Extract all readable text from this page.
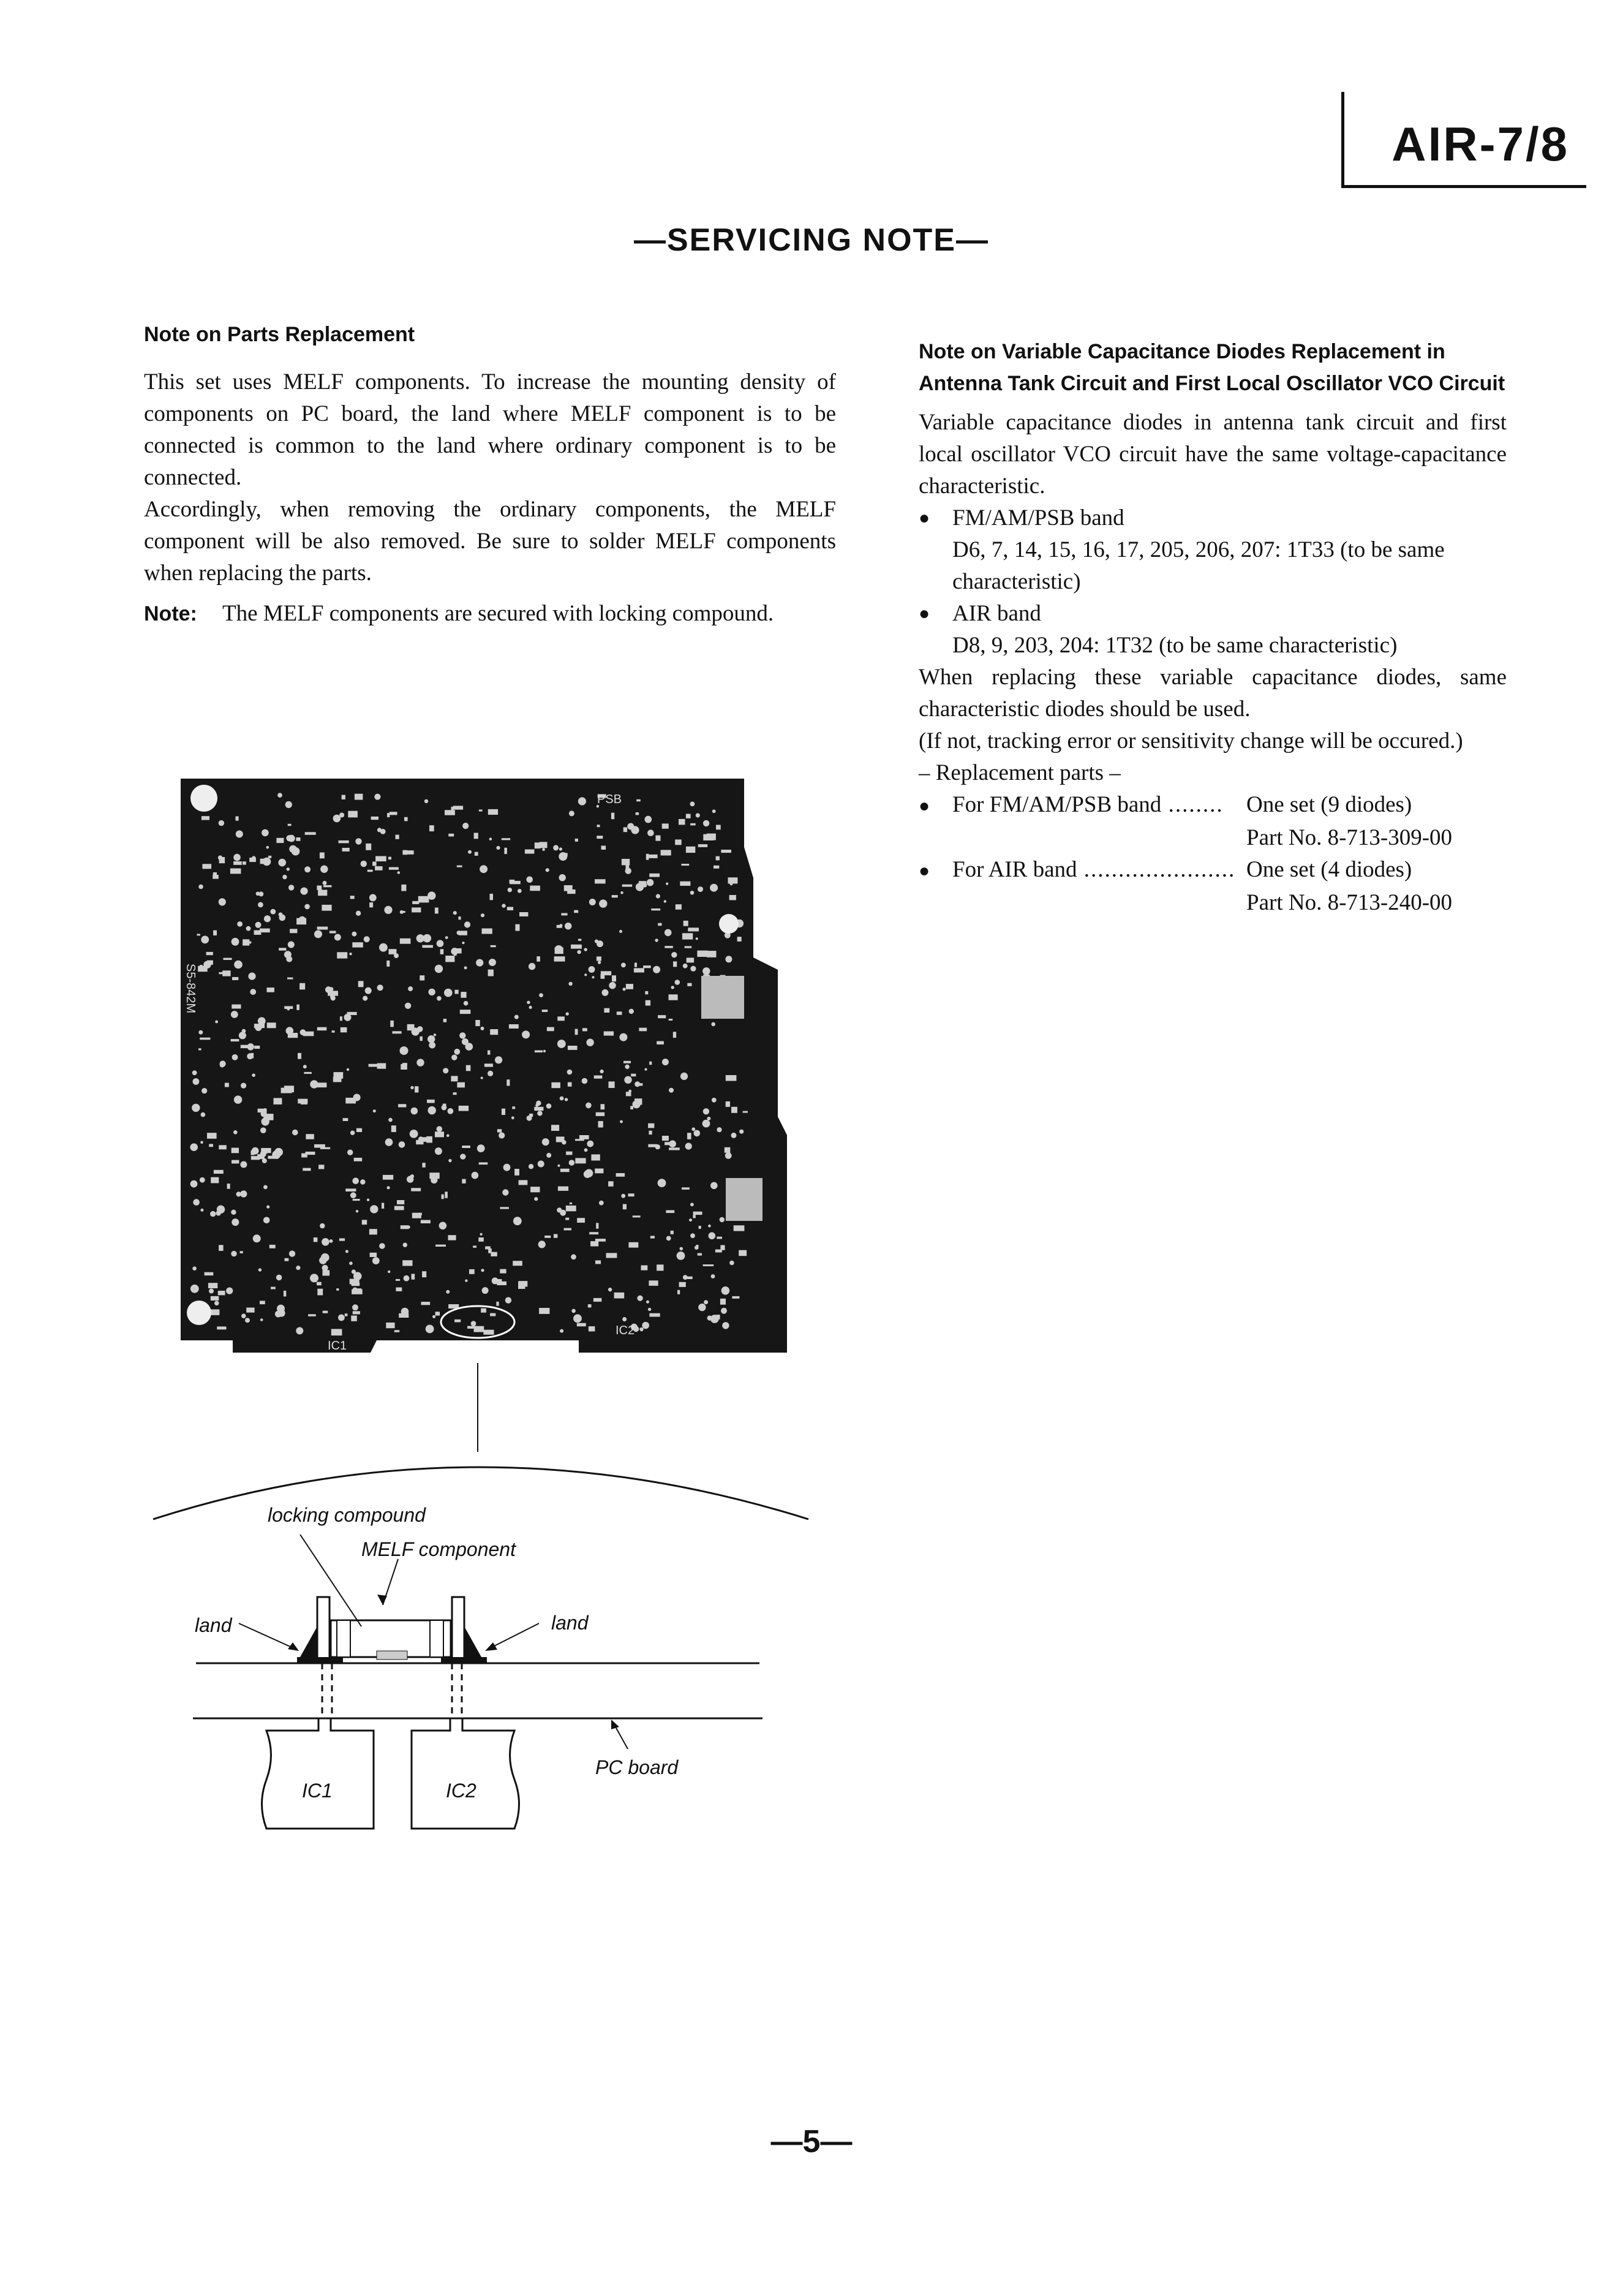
AIR-7/8
—SERVICING NOTE—
Note on Parts Replacement

This set uses MELF components. To increase the mounting density of components on PC board, the land where MELF component is to be connected is common to the land where ordinary component is to be connected.

Accordingly, when removing the ordinary components, the MELF component will be also removed. Be sure to solder MELF components when replacing the parts.

Note:	The MELF components are secured with locking compound.
PSB
IC1
IC2
S5-842M
locking compound
MELF component
land	land
IC1	IC2
PC board
Note on Variable Capacitance Diodes Replacement in Antenna Tank Circuit and First Local Oscillator VCO Circuit

Variable capacitance diodes in antenna tank circuit and first local oscillator VCO circuit have the same voltage-capacitance characteristic.

● FM/AM/PSB band
D6, 7, 14, 15, 16, 17, 205, 206, 207: 1T33 (to be same characteristic)
● AIR band
D8, 9, 203, 204: 1T32 (to be same characteristic)

When replacing these variable capacitance diodes, same characteristic diodes should be used.

(If not, tracking error or sensitivity change will be occured.)

– Replacement parts –
● For FM/AM/PSB band ........	One set (9 diodes)
Part No. 8-713-309-00
● For AIR band ...................... One set (4 diodes)
Part No. 8-713-240-00
—5—
